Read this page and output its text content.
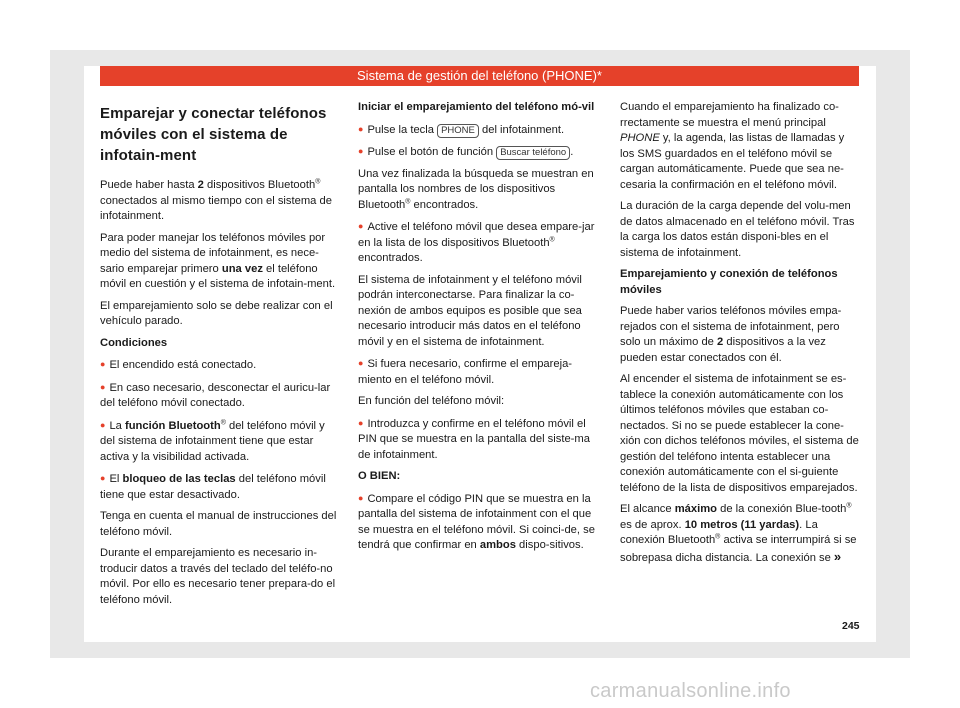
Sistema de gestión del teléfono (PHONE)*
Emparejar y conectar teléfonos móviles con el sistema de infotain-ment

Puede haber hasta 2 dispositivos Bluetooth® conectados al mismo tiempo con el sistema de infotainment.

Para poder manejar los teléfonos móviles por medio del sistema de infotainment, es nece-sario emparejar primero una vez el teléfono móvil en cuestión y el sistema de infotain-ment.

El emparejamiento solo se debe realizar con el vehículo parado.

Condiciones

● El encendido está conectado.

● En caso necesario, desconectar el auricu-lar del teléfono móvil conectado.

● La función Bluetooth® del teléfono móvil y del sistema de infotainment tiene que estar activa y la visibilidad activada.

● El bloqueo de las teclas del teléfono móvil tiene que estar desactivado.

Tenga en cuenta el manual de instrucciones del teléfono móvil.

Durante el emparejamiento es necesario in-troducir datos a través del teclado del teléfo-no móvil. Por ello es necesario tener prepara-do el teléfono móvil.

Iniciar el emparejamiento del teléfono mó-vil

● Pulse la tecla PHONE del infotainment.

● Pulse el botón de función Buscar teléfono .

Una vez finalizada la búsqueda se muestran en pantalla los nombres de los dispositivos Bluetooth® encontrados.

● Active el teléfono móvil que desea empare-jar en la lista de los dispositivos Bluetooth® encontrados.

El sistema de infotainment y el teléfono móvil podrán interconectarse. Para finalizar la co-nexión de ambos equipos es posible que sea necesario introducir más datos en el teléfono móvil y en el sistema de infotainment.

● Si fuera necesario, confirme el empareja-miento en el teléfono móvil.

En función del teléfono móvil:

● Introduzca y confirme en el teléfono móvil el PIN que se muestra en la pantalla del siste-ma de infotainment.

O BIEN:

● Compare el código PIN que se muestra en la pantalla del sistema de infotainment con el que se muestra en el teléfono móvil. Si coinci-de, se tendrá que confirmar en ambos dispo-sitivos.

Cuando el emparejamiento ha finalizado co-rrectamente se muestra el menú principal PHONE y, la agenda, las listas de llamadas y los SMS guardados en el teléfono móvil se cargan automáticamente. Puede que sea ne-cesaria la confirmación en el teléfono móvil.

La duración de la carga depende del volu-men de datos almacenado en el teléfono móvil. Tras la carga los datos están disponi-bles en el sistema de infotainment.

Emparejamiento y conexión de teléfonos móviles

Puede haber varios teléfonos móviles empa-rejados con el sistema de infotainment, pero solo un máximo de 2 dispositivos a la vez pueden estar conectados con él.

Al encender el sistema de infotainment se es-tablece la conexión automáticamente con los últimos teléfonos móviles que estaban co-nectados. Si no se puede establecer la cone-xión con dichos teléfonos móviles, el sistema de gestión del teléfono intenta establecer una conexión automáticamente con el si-guiente teléfono de la lista de dispositivos emparejados.

El alcance máximo de la conexión Blue-tooth® es de aprox. 10 metros (11 yardas). La conexión Bluetooth® activa se interrumpirá si se sobrepasa dicha distancia. La conexión se »

245
carmanualsonline.info
